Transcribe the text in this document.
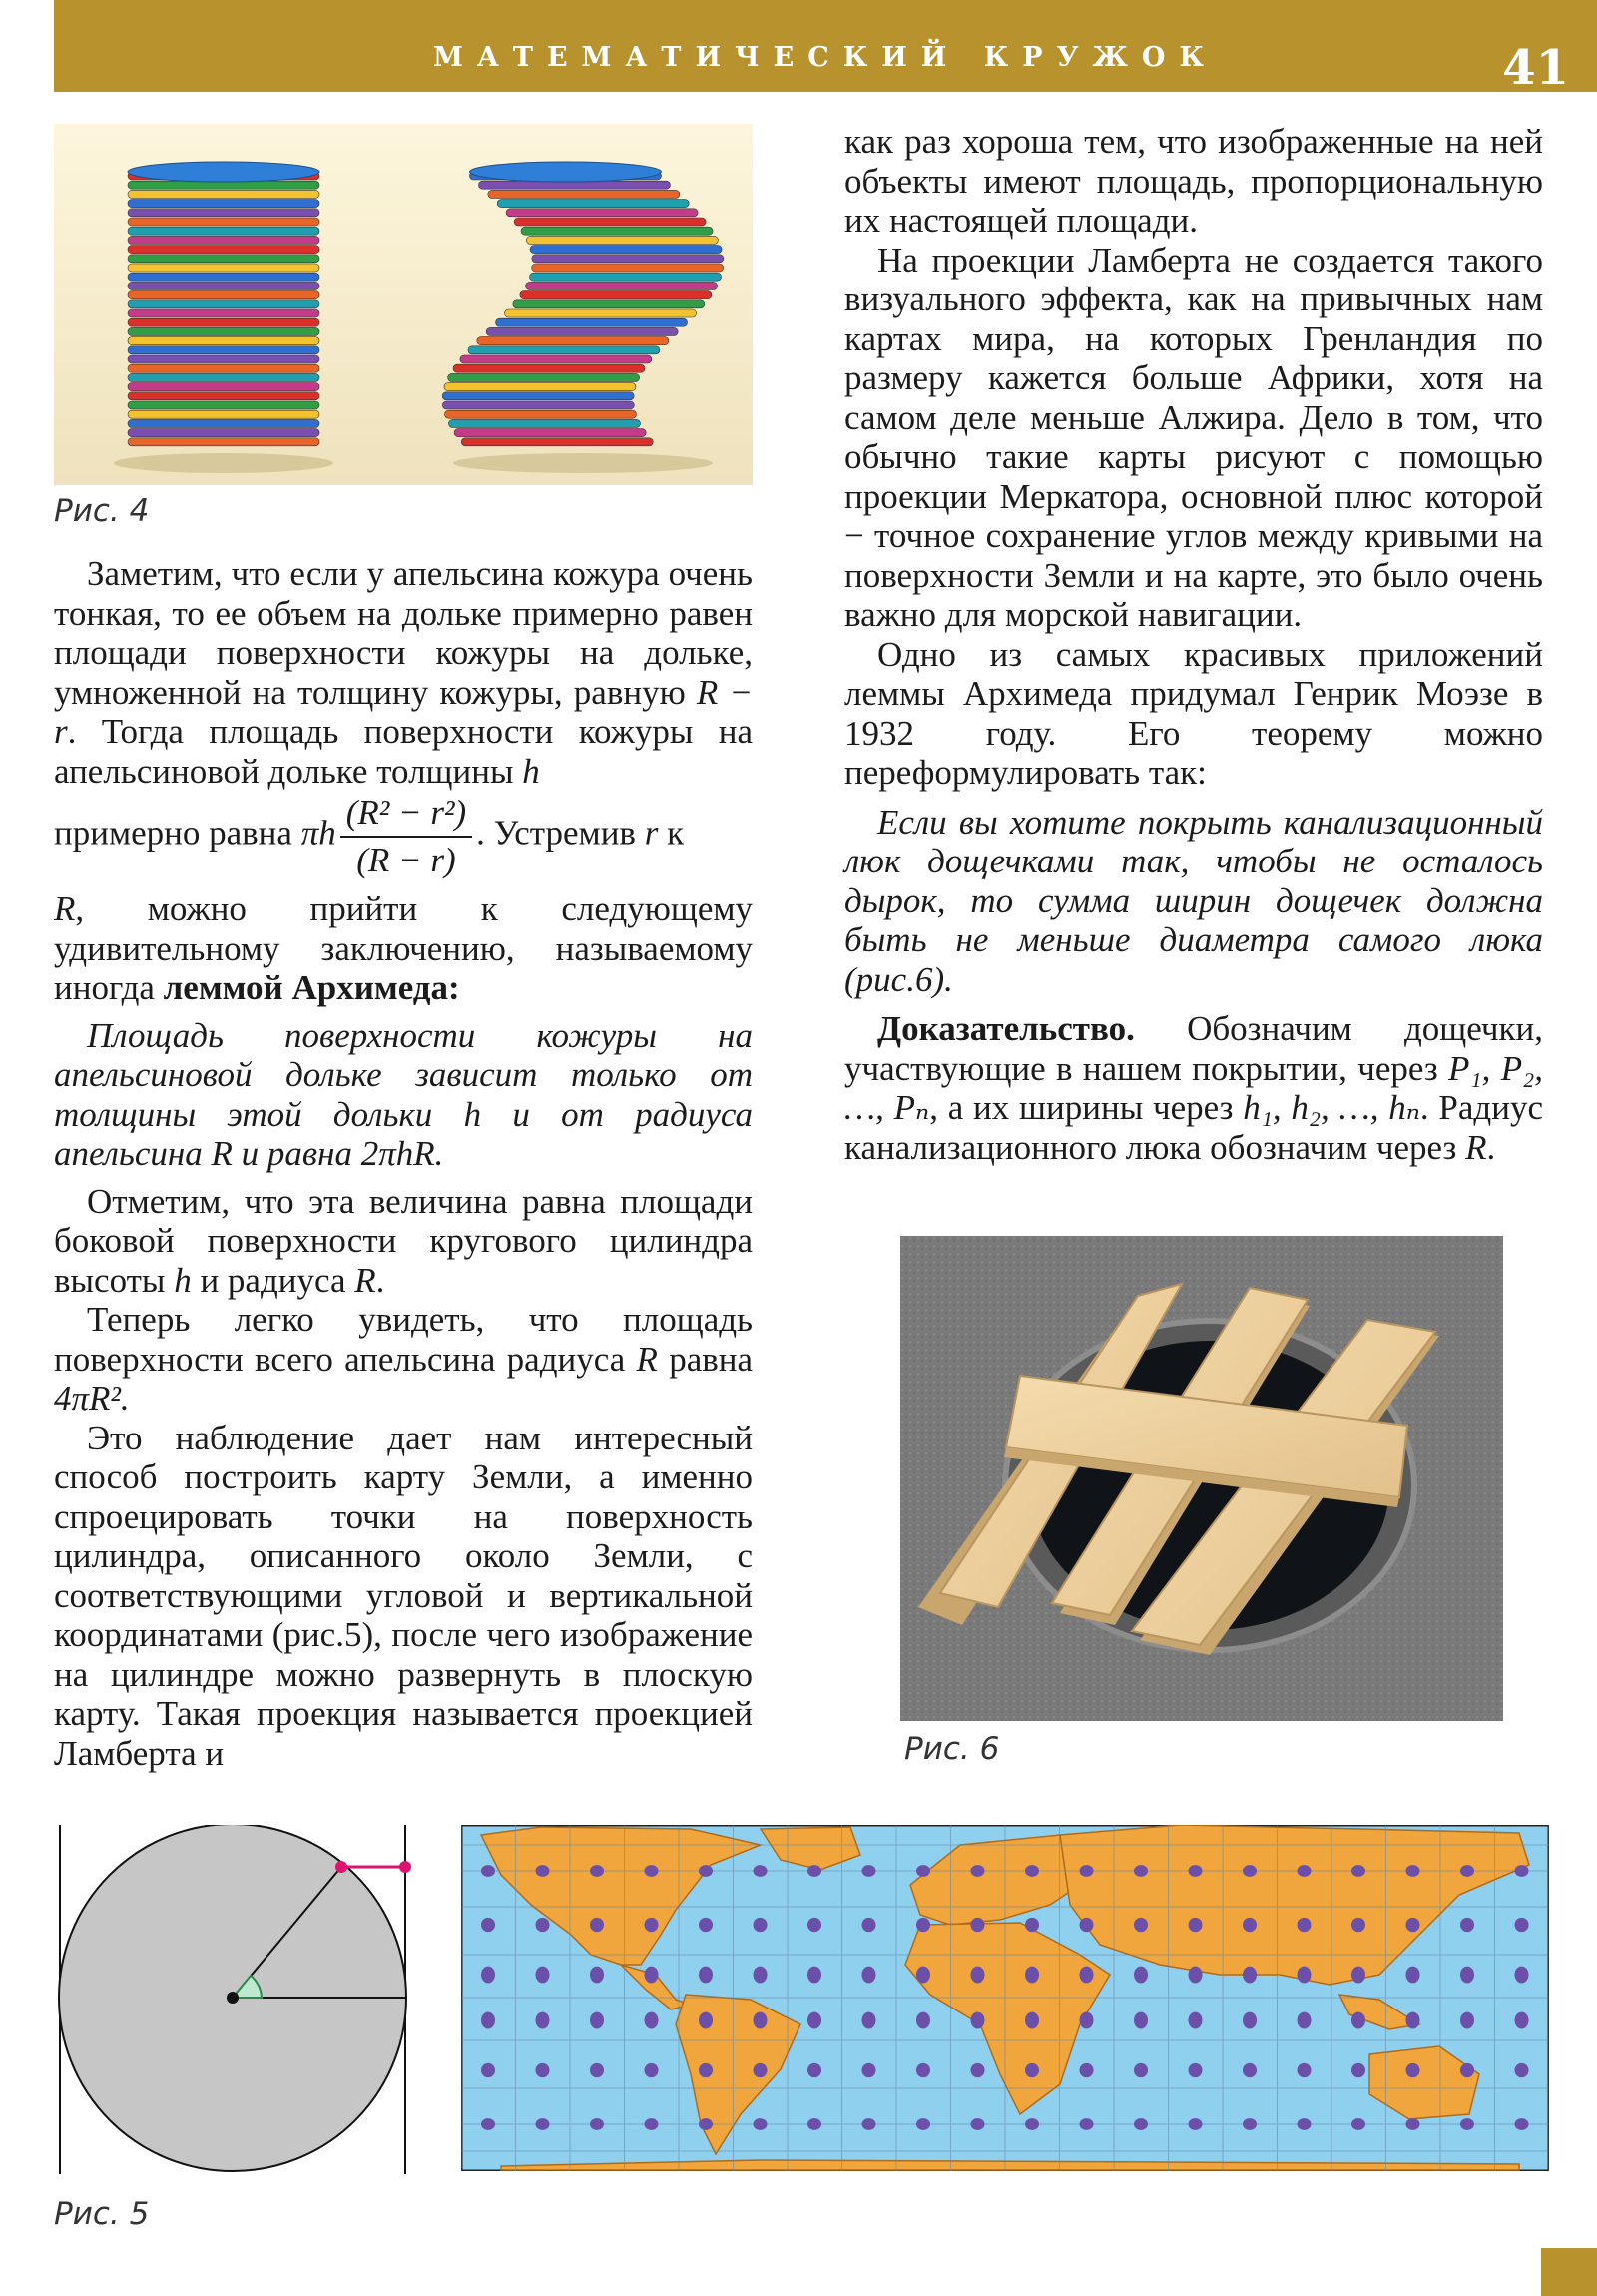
МАТЕМАТИЧЕСКИЙ КРУЖОК	41
Рис. 4

Заметим, что если у апельсина кожура очень тонкая, то ее объем на дольке примерно равен площади поверхности кожуры на дольке, умноженной на толщину кожуры, равную R − r. Тогда площадь поверхности кожуры на апельсиновой дольке толщины h

примерно равна πh $\frac{\text{(R² − r²)}}{(R - r)}$ . Устремив r к

R, можно прийти к следующему удивительному заключению, называемому иногда леммой Архимеда:

Площадь поверхности кожуры на апельсиновой дольке зависит только от толщины этой дольки h и от радиуса апельсина R и равна 2πhR.

Отметим, что эта величина равна площади боковой поверхности кругового цилиндра высоты h и радиуса R.

Теперь легко увидеть, что площадь поверхности всего апельсина радиуса R равна 4πR².

Это наблюдение дает нам интересный способ построить карту Земли, а именно спроецировать точки на поверхность цилиндра, описанного около Земли, с соответствующими угловой и вертикальной координатами (рис.5), после чего изображение на цилиндре можно развернуть в плоскую карту. Такая проекция называется проекцией Ламберта и

как раз хороша тем, что изображенные на ней объекты имеют площадь, пропорциональную их настоящей площади.

На проекции Ламберта не создается такого визуального эффекта, как на привычных нам картах мира, на которых Гренландия по размеру кажется больше Африки, хотя на самом деле меньше Алжира. Дело в том, что обычно такие карты рисуют с помощью проекции Меркатора, основной плюс которой − точное сохранение углов между кривыми на поверхности Земли и на карте, это было очень важно для морской навигации.

Одно из самых красивых приложений леммы Архимеда придумал Генрик Моэзе в 1932 году. Его теорему можно переформулировать так:

Если вы хотите покрыть канализационный люк дощечками так, чтобы не осталось дырок, то сумма ширин дощечек должна быть не меньше диаметра самого люка (рис.6).

Доказательство. Обозначим дощечки, участвующие в нашем покрытии, через P₁, P₂, …, Pₙ, а их ширины через h₁, h₂, …, hₙ. Радиус канализационного люка обозначим через R.

Рис. 6
Рис. 5
